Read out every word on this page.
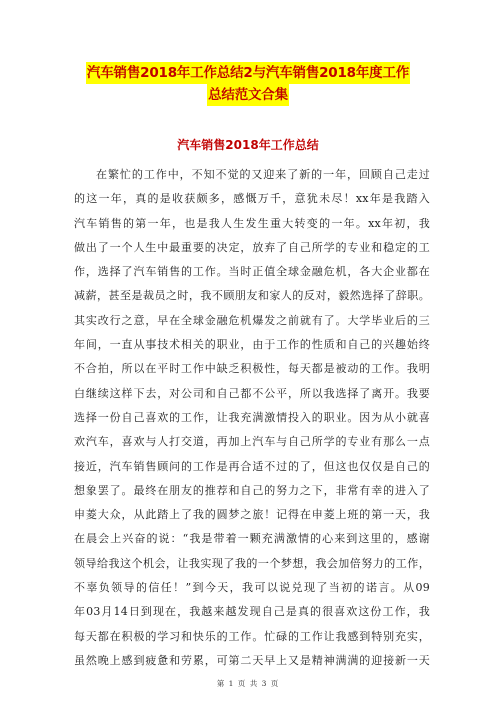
汽车销售2018年工作总结2与汽车销售2018年度工作
总结范文合集
汽车销售2018年工作总结
在繁忙的工作中，不知不觉的又迎来了新的一年，回顾自己走过
的这一年，真的是收获颇多，感慨万千，意犹未尽！xx年是我踏入
汽车销售的第一年，也是我人生发生重大转变的一年。xx年初，我
做出了一个人生中最重要的决定，放弃了自己所学的专业和稳定的工
作，选择了汽车销售的工作。当时正值全球金融危机，各大企业都在
减薪，甚至是裁员之时，我不顾朋友和家人的反对，毅然选择了辞职。
其实改行之意，早在全球金融危机爆发之前就有了。大学毕业后的三
年间，一直从事技术相关的职业，由于工作的性质和自己的兴趣始终
不合拍，所以在平时工作中缺乏积极性，每天都是被动的工作。我明
白继续这样下去，对公司和自己都不公平，所以我选择了离开。我要
选择一份自己喜欢的工作，让我充满激情投入的职业。因为从小就喜
欢汽车，喜欢与人打交道，再加上汽车与自己所学的专业有那么一点
接近，汽车销售顾问的工作是再合适不过的了，但这也仅仅是自己的
想象罢了。最终在朋友的推荐和自己的努力之下，非常有幸的进入了
申菱大众，从此踏上了我的圆梦之旅！记得在申菱上班的第一天，我
在晨会上兴奋的说：“我是带着一颗充满激情的心来到这里的，感谢
领导给我这个机会，让我实现了我的一个梦想，我会加倍努力的工作，
不辜负领导的信任！”到今天，我可以说兑现了当初的诺言。从09
年03月14日到现在，我越来越发现自己是真的很喜欢这份工作，我
每天都在积极的学习和快乐的工作。忙碌的工作让我感到特别充实，
虽然晚上感到疲惫和劳累，可第二天早上又是精神满满的迎接新一天
第 1 页 共 3 页
